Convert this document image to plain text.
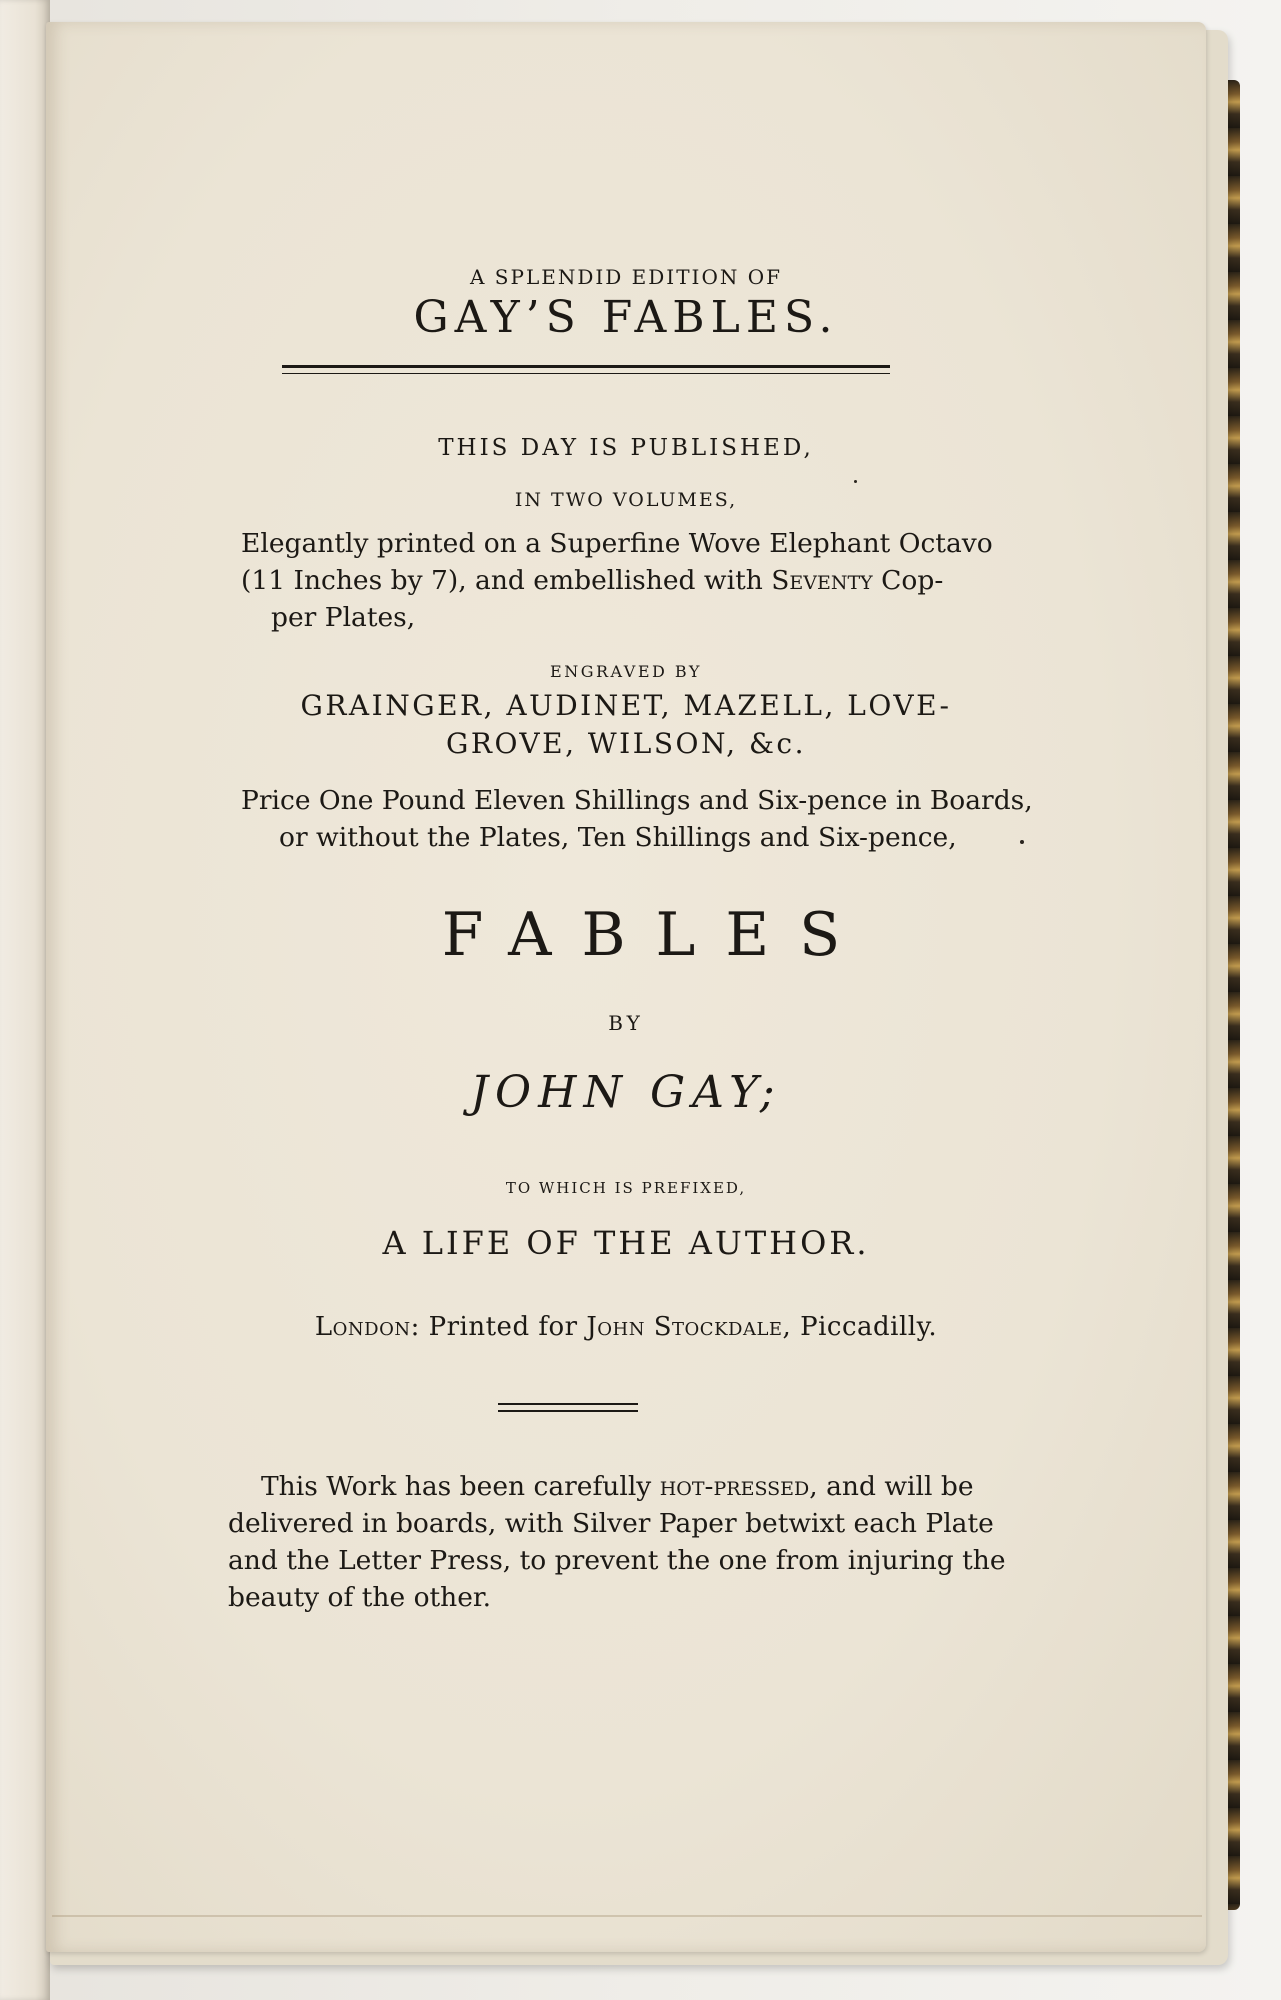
A SPLENDID EDITION OF
GAY’S FABLES.
THIS DAY IS PUBLISHED,
IN TWO VOLUMES,
Elegantly printed on a Superfine Wove Elephant Octavo
(11 Inches by 7), and embellished with Seventy Cop-
per Plates,
ENGRAVED BY
GRAINGER, AUDINET, MAZELL, LOVE-
GROVE, WILSON, &c.
Price One Pound Eleven Shillings and Six-pence in Boards,
or without the Plates, Ten Shillings and Six-pence,
FABLES
BY
JOHN GAY;
TO WHICH IS PREFIXED,
A LIFE OF THE AUTHOR.
London: Printed for John Stockdale, Piccadilly.
This Work has been carefully hot-pressed, and will be
delivered in boards, with Silver Paper betwixt each Plate
and the Letter Press, to prevent the one from injuring the
beauty of the other.
